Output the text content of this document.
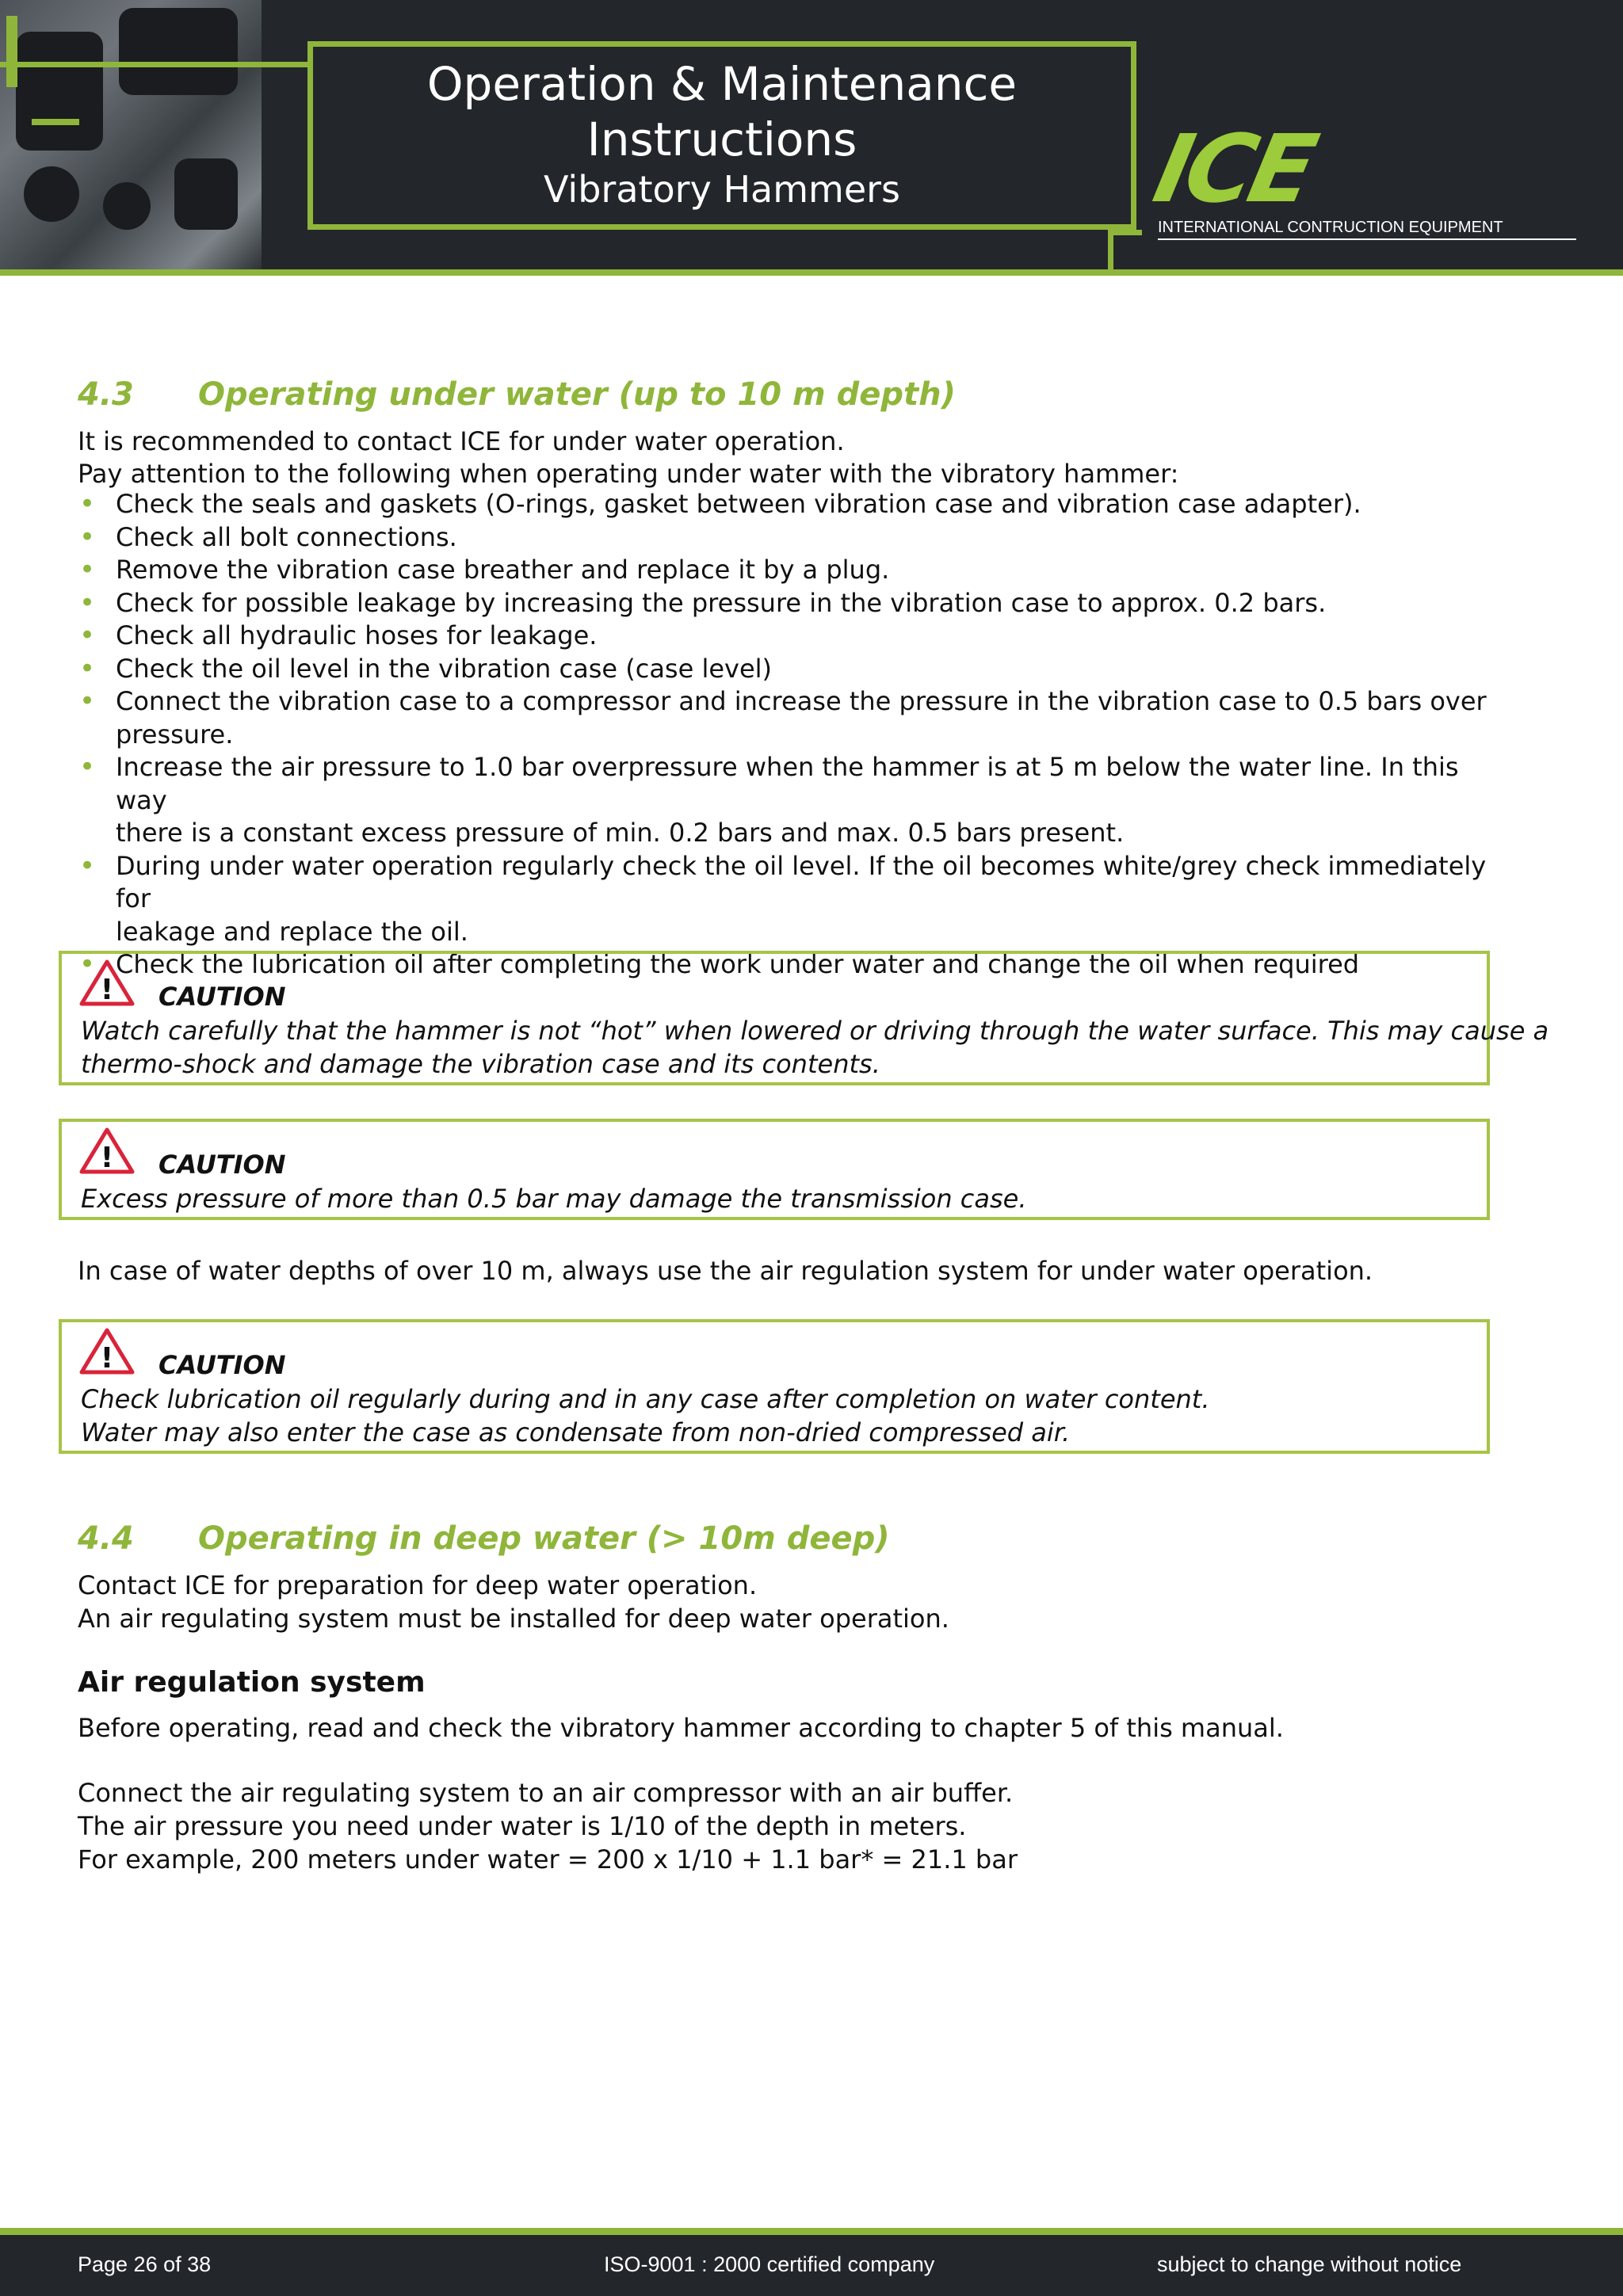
Operation & Maintenance
Instructions
Vibratory Hammers	ICE
INTERNATIONAL CONTRUCTION EQUIPMENT
4.3 Operating under water (up to 10 m depth)
It is recommended to contact ICE for under water operation.
Pay attention to the following when operating under water with the vibratory hammer:
• Check the seals and gaskets (O-rings, gasket between vibration case and vibration case adapter).
• Check all bolt connections.
• Remove the vibration case breather and replace it by a plug.
• Check for possible leakage by increasing the pressure in the vibration case to approx. 0.2 bars.
• Check all hydraulic hoses for leakage.
• Check the oil level in the vibration case (case level)
• Connect the vibration case to a compressor and increase the pressure in the vibration case to 0.5 bars over
pressure.
• Increase the air pressure to 1.0 bar overpressure when the hammer is at 5 m below the water line. In this way
there is a constant excess pressure of min. 0.2 bars and max. 0.5 bars present.
• During under water operation regularly check the oil level. If the oil becomes white/grey check immediately for
leakage and replace the oil.
• Check the lubrication oil after completing the work under water and change the oil when required
! CAUTION
Watch carefully that the hammer is not “hot” when lowered or driving through the water surface. This may cause a
thermo-shock and damage the vibration case and its contents.
! CAUTION
Excess pressure of more than 0.5 bar may damage the transmission case.
In case of water depths of over 10 m, always use the air regulation system for under water operation.
! CAUTION
Check lubrication oil regularly during and in any case after completion on water content.
Water may also enter the case as condensate from non-dried compressed air.
4.4 Operating in deep water (> 10m deep)
Contact ICE for preparation for deep water operation.
An air regulating system must be installed for deep water operation.
Air regulation system
Before operating, read and check the vibratory hammer according to chapter 5 of this manual.
Connect the air regulating system to an air compressor with an air buffer.
The air pressure you need under water is 1/10 of the depth in meters.
For example, 200 meters under water = 200 x 1/10 + 1.1 bar* = 21.1 bar
Page 26 of 38	ISO-9001 : 2000 certified company	subject to change without notice
